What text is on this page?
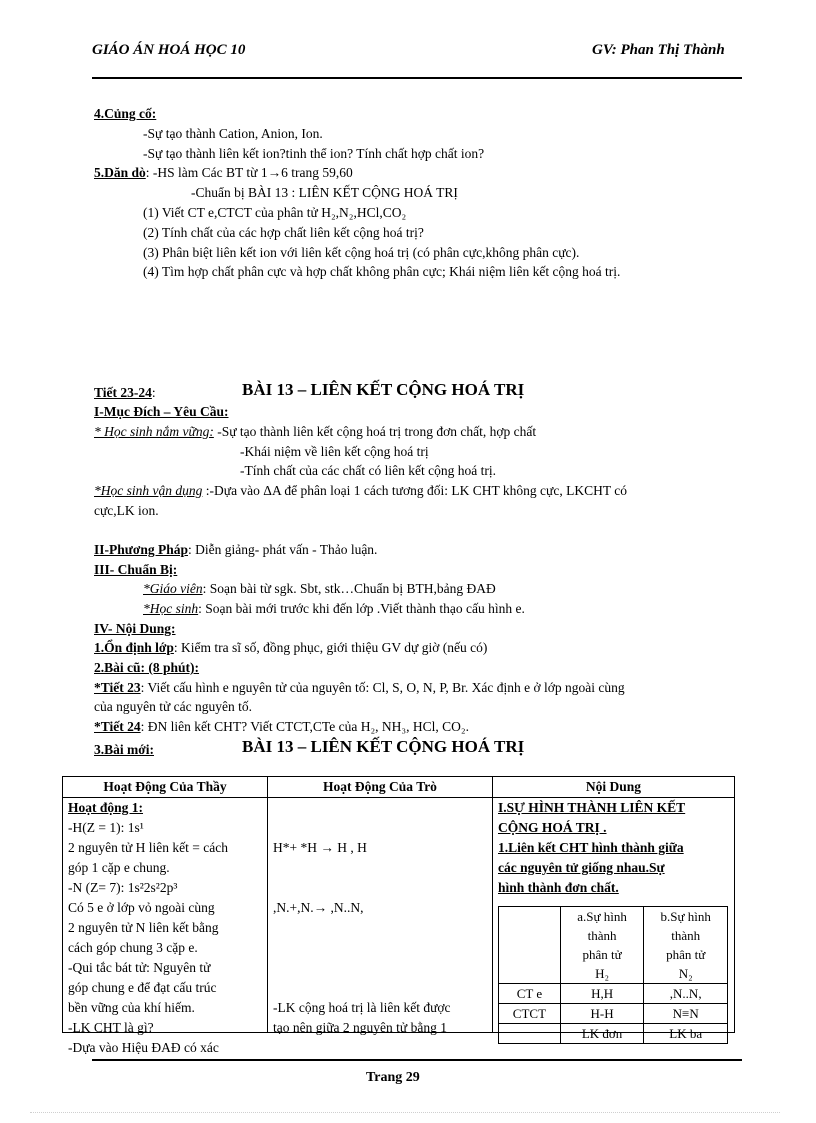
GIÁO ÁN HOÁ HỌC 10	GV: Phan Thị Thành
4.Củng cố:
-Sự tạo thành Cation, Anion, Ion.
-Sự tạo thành liên kết ion?tinh thể ion? Tính chất hợp chất ion?
5.Dăn dò: -HS làm Các BT từ 1→6 trang 59,60
-Chuẩn bị BÀI 13 : LIÊN KẾT CỘNG HOÁ TRỊ
(1) Viết CT e,CTCT của phân tử H₂,N₂,HCl,CO₂
(2) Tính chất của các hợp chất liên kết cộng hoá trị?
(3) Phân biệt liên kết ion với liên kết cộng hoá trị (có phân cực,không phân cực).
(4) Tìm hợp chất phân cực và hợp chất không phân cực; Khái niệm liên kết cộng hoá trị.
Tiết 23-24:	BÀI 13 – LIÊN KẾT CỘNG HOÁ TRỊ
I-Mục Đích – Yêu Cầu:
* Học sinh nắm vững: -Sự tạo thành liên kết cộng hoá trị trong đơn chất, hợp chất
-Khái niệm về liên kết cộng hoá trị
-Tính chất của các chất có liên kết cộng hoá trị.
*Học sinh vận dụng :-Dựa vào ΔA để phân loại 1 cách tương đối: LK CHT không cực, LKCHT có
cực,LK ion.
II-Phương Pháp: Diễn giảng- phát vấn - Thảo luận.
III- Chuẩn Bị:
*Giáo viên: Soạn bài từ sgk. Sbt, stk…Chuẩn bị BTH,bảng ĐAĐ
*Học sinh: Soạn bài mới trước khi đến lớp .Viết thành thạo cấu hình e.
IV- Nội Dung:
1.Ổn định lớp: Kiểm tra sĩ số, đồng phục, giới thiệu GV dự giờ (nếu có)
2.Bài cũ: (8 phút):
*Tiết 23: Viết cấu hình e nguyên tử của nguyên tố: Cl, S, O, N, P, Br. Xác định e ở lớp ngoài cùng
của nguyên tử các nguyên tố.
*Tiết 24: ĐN liên kết CHT? Viết CTCT,CTe của H₂, NH₃, HCl, CO₂.
3.Bài mới:	BÀI 13 – LIÊN KẾT CỘNG HOÁ TRỊ
Hoạt Động Của Thầy	Hoạt Động Của Trò	Nội Dung

Hoạt động 1:
-H(Z = 1): 1s¹
2 nguyên tử H liên kết = cách
góp 1 cặp e chung.
-N (Z= 7): 1s²2s²2p³
Có 5 e ở lớp vỏ ngoài cùng
2 nguyên tử N liên kết bằng
cách góp chung 3 cặp e.
-Qui tắc bát tử: Nguyên tử
góp chung e để đạt cấu trúc
bền vững của khí hiếm.
-LK CHT là gì?
-Dựa vào Hiệu ĐAĐ có xác

H*+ *H → H , H
,N.+,N.→ ,N..N,
-LK cộng hoá trị là liên kết được
tạo nên giữa 2 nguyên tử bằng 1

I.SỰ HÌNH THÀNH LIÊN KẾT
CỘNG HOÁ TRỊ .
1.Liên kết CHT hình thành giữa
các nguyên tử giống nhau.Sự
hình thành đơn chất.

a.Sự hình
thành
phân tử
H₂

b.Sự hình
thành
phân tử
N₂

CT e	H,H	,N..N,
CTCT	H-H	N≡N
	LK đơn	LK ba
Trang 29
